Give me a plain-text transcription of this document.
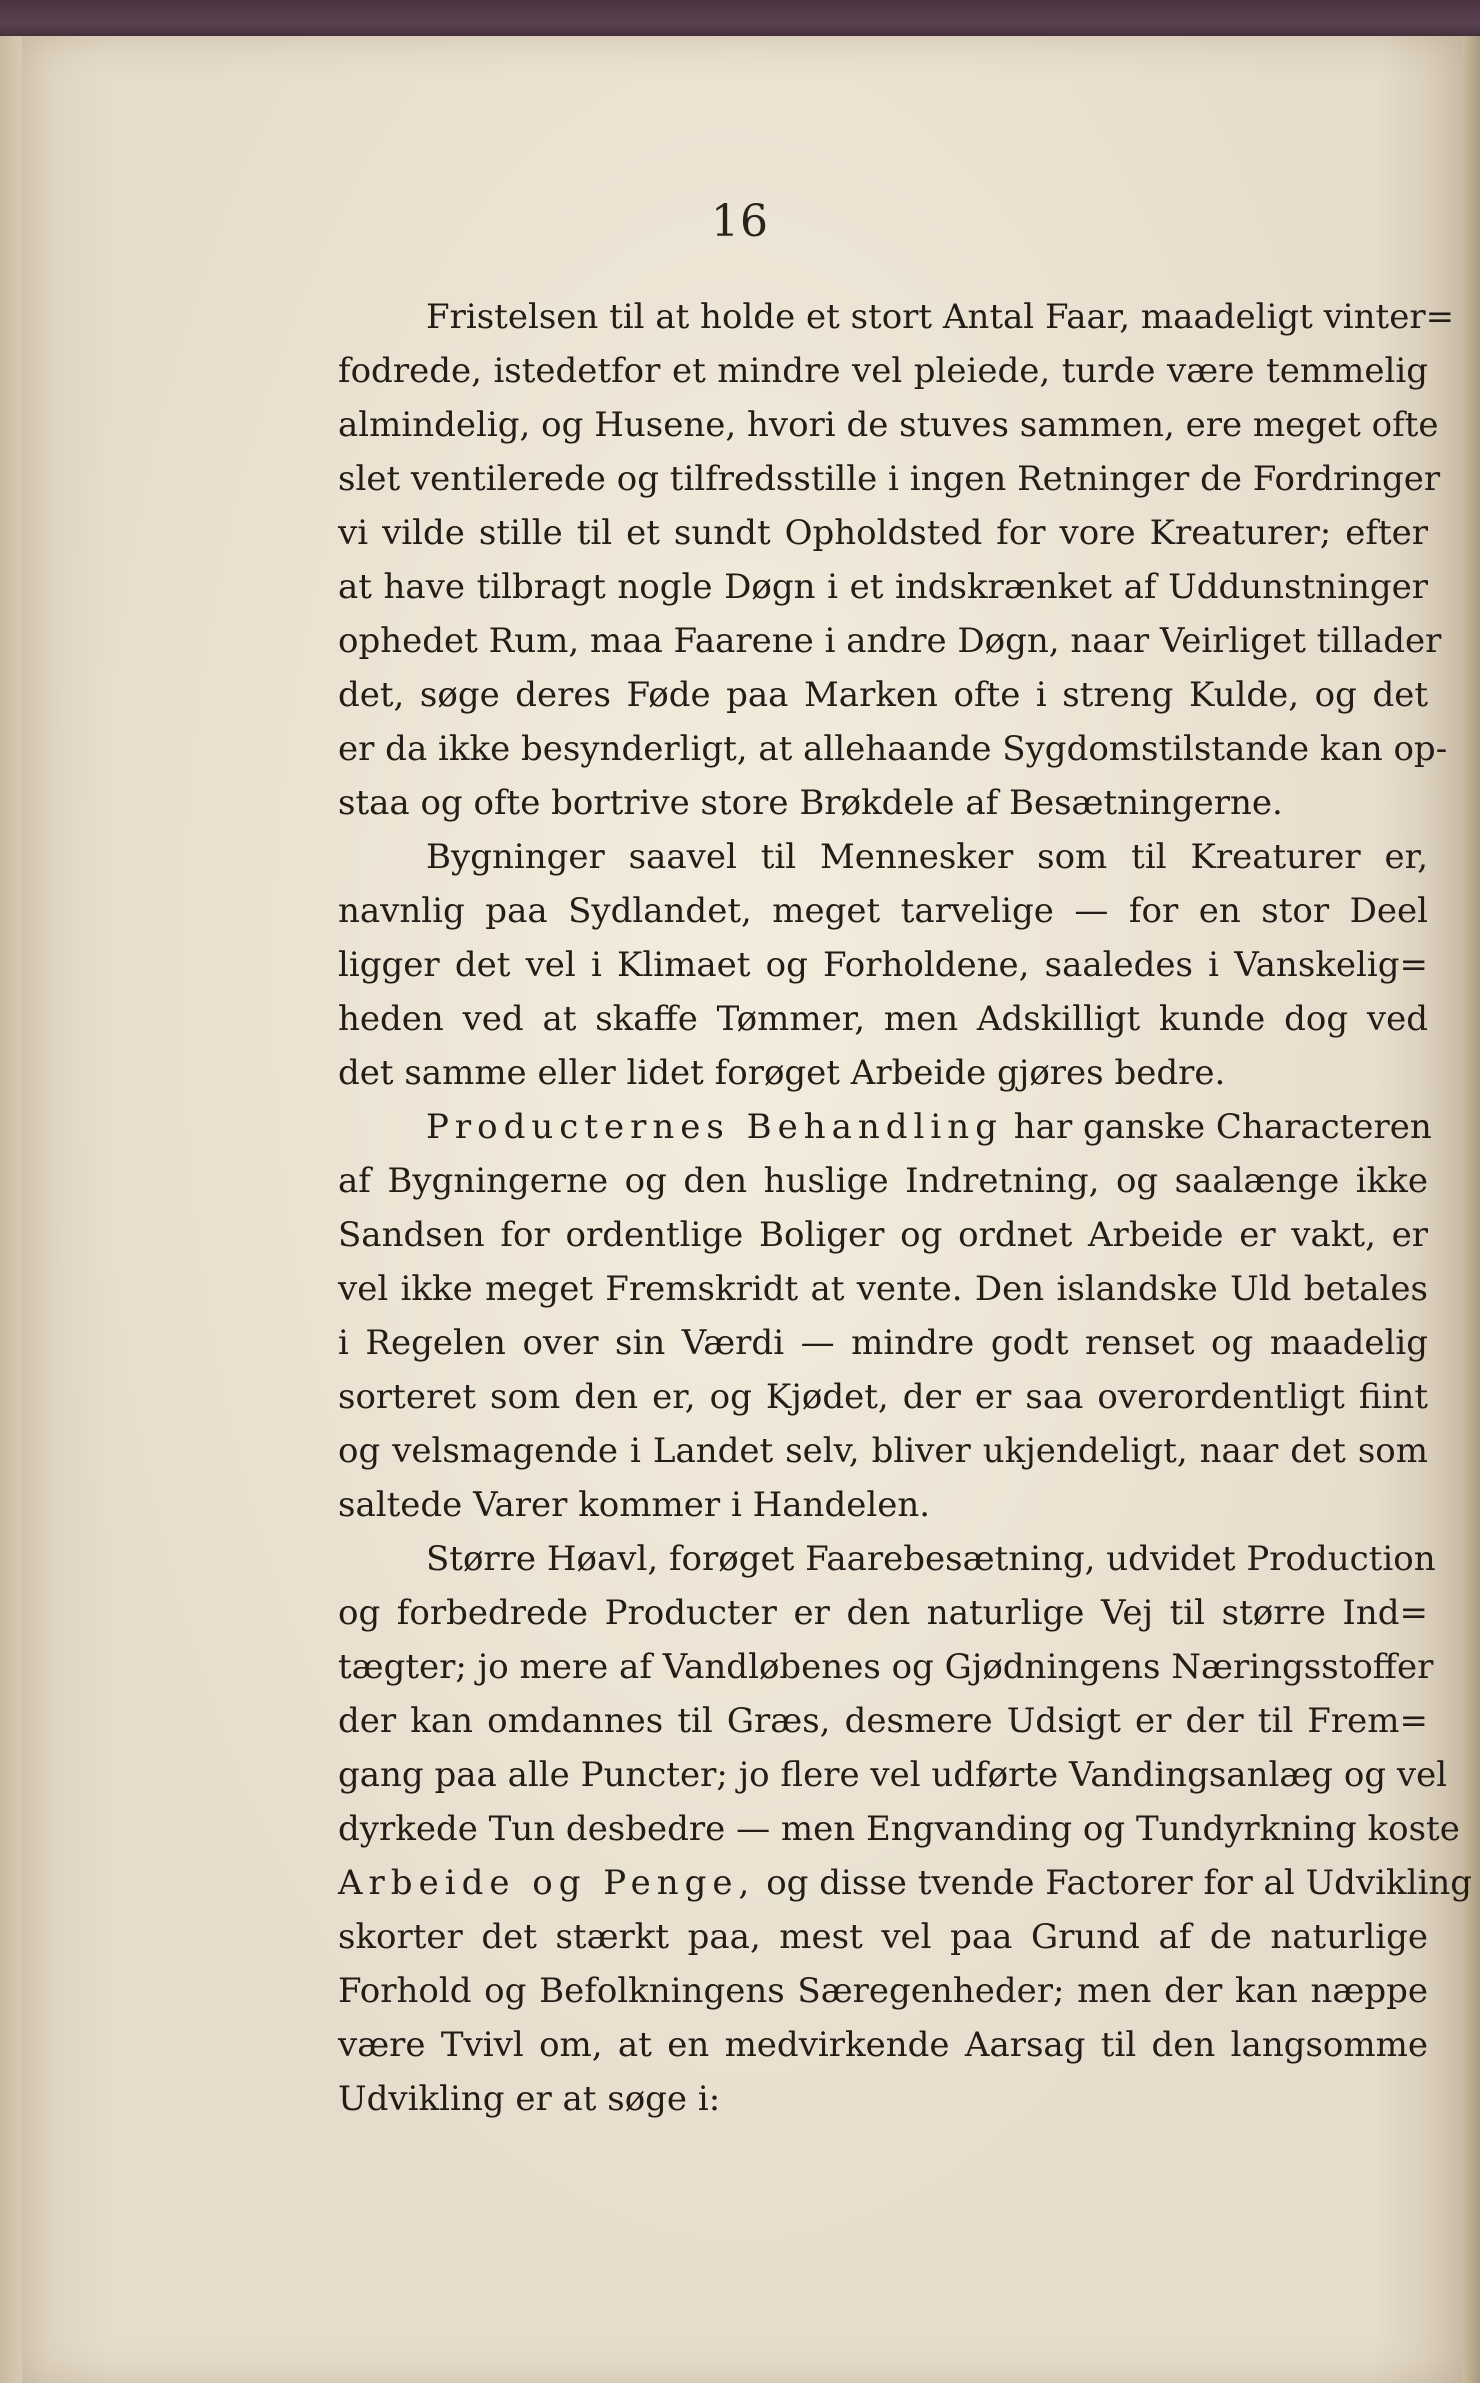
16
Fristelsen til at holde et stort Antal Faar, maadeligt vinter=
fodrede, istedetfor et mindre vel pleiede, turde være temmelig
almindelig, og Husene, hvori de stuves sammen, ere meget ofte
slet ventilerede og tilfredsstille i ingen Retninger de Fordringer
vi vilde stille til et sundt Opholdsted for vore Kreaturer; efter
at have tilbragt nogle Døgn i et indskrænket af Uddunstninger
ophedet Rum, maa Faarene i andre Døgn, naar Veirliget tillader
det, søge deres Føde paa Marken ofte i streng Kulde, og det
er da ikke besynderligt, at allehaande Sygdomstilstande kan op-
staa og ofte bortrive store Brøkdele af Besætningerne.
Bygninger saavel til Mennesker som til Kreaturer er,
navnlig paa Sydlandet, meget tarvelige — for en stor Deel
ligger det vel i Klimaet og Forholdene, saaledes i Vanskelig=
heden ved at skaffe Tømmer, men Adskilligt kunde dog ved
det samme eller lidet forøget Arbeide gjøres bedre.
Producternes Behandling har ganske Characteren
af Bygningerne og den huslige Indretning, og saalænge ikke
Sandsen for ordentlige Boliger og ordnet Arbeide er vakt, er
vel ikke meget Fremskridt at vente. Den islandske Uld betales
i Regelen over sin Værdi — mindre godt renset og maadelig
sorteret som den er, og Kjødet, der er saa overordentligt fiint
og velsmagende i Landet selv, bliver ukjendeligt, naar det som
saltede Varer kommer i Handelen.
Større Høavl, forøget Faarebesætning, udvidet Production
og forbedrede Producter er den naturlige Vej til større Ind=
tægter; jo mere af Vandløbenes og Gjødningens Næringsstoffer
der kan omdannes til Græs, desmere Udsigt er der til Frem=
gang paa alle Puncter; jo flere vel udførte Vandingsanlæg og vel
dyrkede Tun desbedre — men Engvanding og Tundyrkning koste
Arbeide og Penge, og disse tvende Factorer for al Udvikling
skorter det stærkt paa, mest vel paa Grund af de naturlige
Forhold og Befolkningens Særegenheder; men der kan næppe
være Tvivl om, at en medvirkende Aarsag til den langsomme
Udvikling er at søge i:
